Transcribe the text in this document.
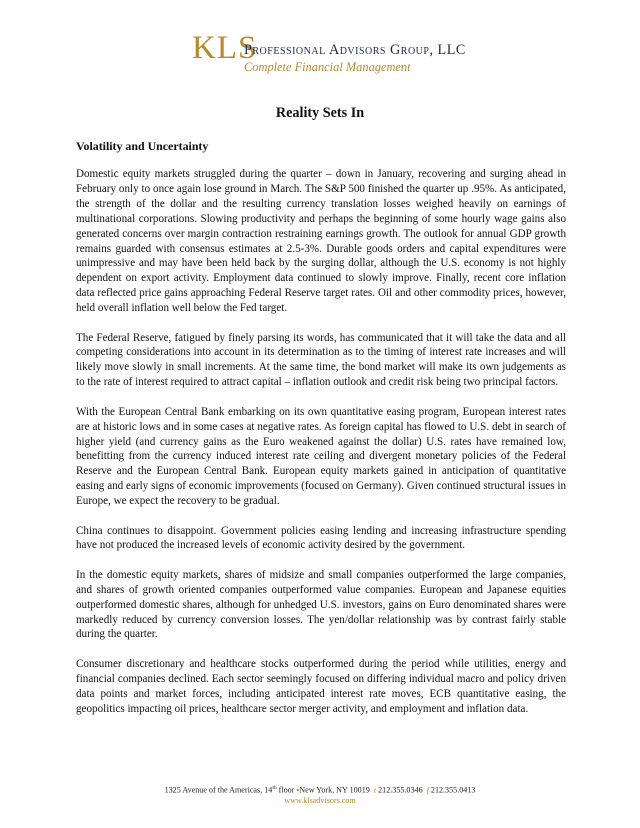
KLS
Professional Advisors Group, LLC
Complete Financial Management
Reality Sets In
Volatility and Uncertainty

Domestic equity markets struggled during the quarter – down in January, recovering and surging ahead in February only to once again lose ground in March. The S&P 500 finished the quarter up .95%. As anticipated, the strength of the dollar and the resulting currency translation losses weighed heavily on earnings of multinational corporations. Slowing productivity and perhaps the beginning of some hourly wage gains also generated concerns over margin contraction restraining earnings growth. The outlook for annual GDP growth remains guarded with consensus estimates at 2.5-3%. Durable goods orders and capital expenditures were unimpressive and may have been held back by the surging dollar, although the U.S. economy is not highly dependent on export activity. Employment data continued to slowly improve. Finally, recent core inflation data reflected price gains approaching Federal Reserve target rates. Oil and other commodity prices, however, held overall inflation well below the Fed target.

The Federal Reserve, fatigued by finely parsing its words, has communicated that it will take the data and all competing considerations into account in its determination as to the timing of interest rate increases and will likely move slowly in small increments. At the same time, the bond market will make its own judgements as to the rate of interest required to attract capital – inflation outlook and credit risk being two principal factors.

With the European Central Bank embarking on its own quantitative easing program, European interest rates are at historic lows and in some cases at negative rates. As foreign capital has flowed to U.S. debt in search of higher yield (and currency gains as the Euro weakened against the dollar) U.S. rates have remained low, benefitting from the currency induced interest rate ceiling and divergent monetary policies of the Federal Reserve and the European Central Bank. European equity markets gained in anticipation of quantitative easing and early signs of economic improvements (focused on Germany). Given continued structural issues in Europe, we expect the recovery to be gradual.

China continues to disappoint. Government policies easing lending and increasing infrastructure spending have not produced the increased levels of economic activity desired by the government.

In the domestic equity markets, shares of midsize and small companies outperformed the large companies, and shares of growth oriented companies outperformed value companies. European and Japanese equities outperformed domestic shares, although for unhedged U.S. investors, gains on Euro denominated shares were markedly reduced by currency conversion losses. The yen/dollar relationship was by contrast fairly stable during the quarter.

Consumer discretionary and healthcare stocks outperformed during the period while utilities, energy and financial companies declined. Each sector seemingly focused on differing individual macro and policy driven data points and market forces, including anticipated interest rate moves, ECB quantitative easing, the geopolitics impacting oil prices, healthcare sector merger activity, and employment and inflation data.

1325 Avenue of the Americas, 14th floor ▪New York, NY 10019 t 212.355.0346 f 212.355.0413
www.klsadvisors.com
